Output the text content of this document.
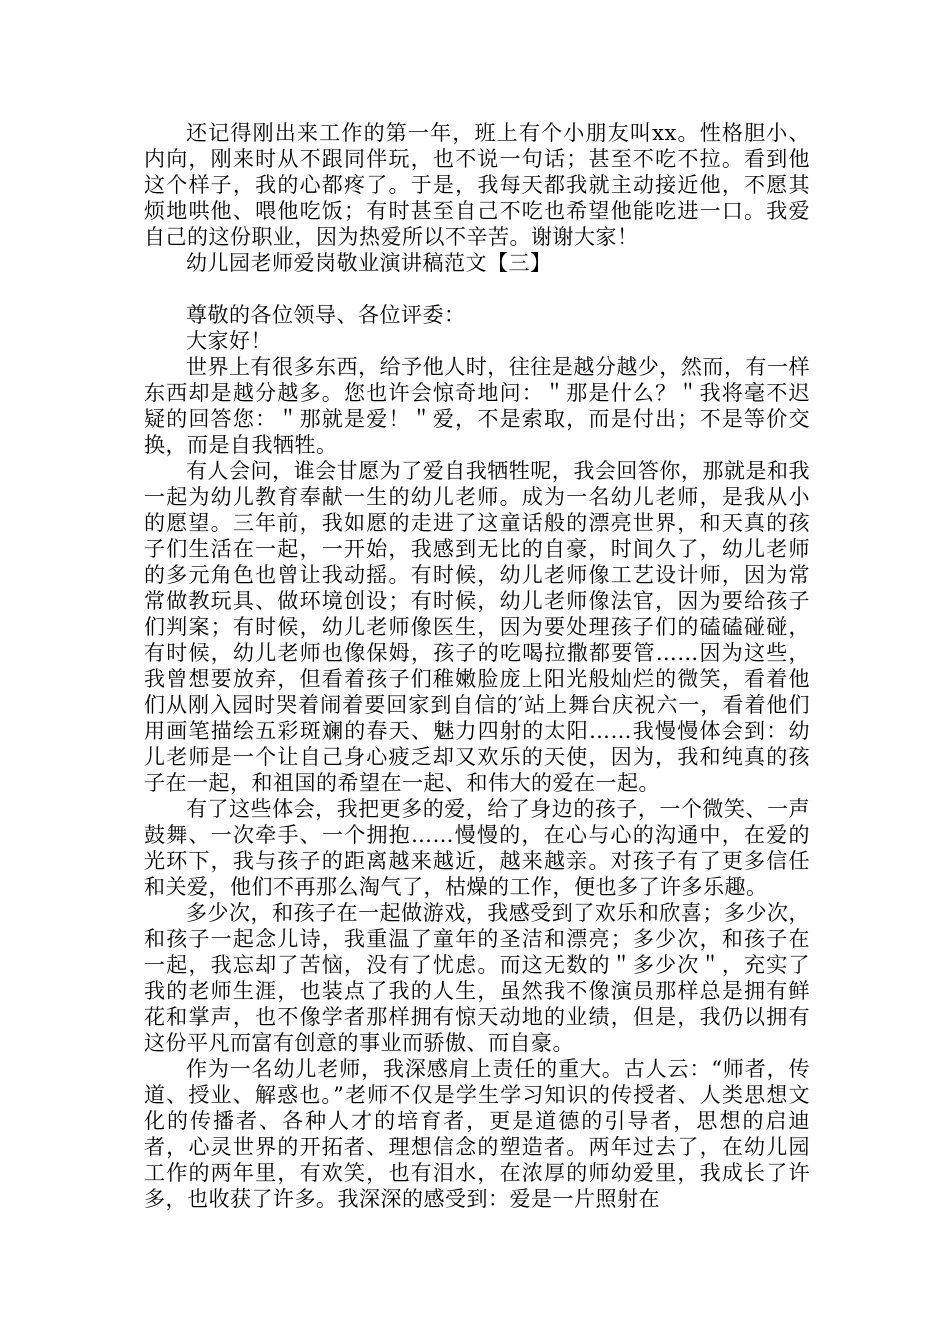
还记得刚出来工作的第一年，班上有个小朋友叫xx。性格胆小、内向，刚来时从不跟同伴玩，也不说一句话；甚至不吃不拉。看到他这个样子，我的心都疼了。于是，我每天都我就主动接近他，不愿其烦地哄他、喂他吃饭；有时甚至自己不吃也希望他能吃进一口。我爱自己的这份职业，因为热爱所以不辛苦。谢谢大家！

幼儿园老师爱岗敬业演讲稿范文【三】

尊敬的各位领导、各位评委：

大家好！

世界上有很多东西，给予他人时，往往是越分越少，然而，有一样东西却是越分越多。您也许会惊奇地问：＂那是什么？＂我将毫不迟疑的回答您：＂那就是爱！＂爱，不是索取，而是付出；不是等价交换，而是自我牺牲。

有人会问，谁会甘愿为了爱自我牺牲呢，我会回答你，那就是和我一起为幼儿教育奉献一生的幼儿老师。成为一名幼儿老师，是我从小的愿望。三年前，我如愿的走进了这童话般的漂亮世界，和天真的孩子们生活在一起，一开始，我感到无比的自豪，时间久了，幼儿老师的多元角色也曾让我动摇。有时候，幼儿老师像工艺设计师，因为常常做教玩具、做环境创设；有时候，幼儿老师像法官，因为要给孩子们判案；有时候，幼儿老师像医生，因为要处理孩子们的磕磕碰碰，有时候，幼儿老师也像保姆，孩子的吃喝拉撒都要管……因为这些，我曾想要放弃，但看着孩子们稚嫩脸庞上阳光般灿烂的微笑，看着他们从刚入园时哭着闹着要回家到自信的′站上舞台庆祝六一，看着他们用画笔描绘五彩斑斓的春天、魅力四射的太阳……我慢慢体会到：幼儿老师是一个让自己身心疲乏却又欢乐的天使，因为，我和纯真的孩子在一起，和祖国的希望在一起、和伟大的爱在一起。

有了这些体会，我把更多的爱，给了身边的孩子，一个微笑、一声鼓舞、一次牵手、一个拥抱……慢慢的，在心与心的沟通中，在爱的光环下，我与孩子的距离越来越近，越来越亲。对孩子有了更多信任和关爱，他们不再那么淘气了，枯燥的工作，便也多了许多乐趣。

多少次，和孩子在一起做游戏，我感受到了欢乐和欣喜；多少次，和孩子一起念儿诗，我重温了童年的圣洁和漂亮；多少次，和孩子在一起，我忘却了苦恼，没有了忧虑。而这无数的＂多少次＂，充实了我的老师生涯，也装点了我的人生，虽然我不像演员那样总是拥有鲜花和掌声，也不像学者那样拥有惊天动地的业绩，但是，我仍以拥有这份平凡而富有创意的事业而骄傲、而自豪。

作为一名幼儿老师，我深感肩上责任的重大。古人云：“师者，传道、授业、解惑也。”老师不仅是学生学习知识的传授者、人类思想文化的传播者、各种人才的培育者，更是道德的引导者，思想的启迪者，心灵世界的开拓者、理想信念的塑造者。两年过去了，在幼儿园工作的两年里，有欢笑，也有泪水，在浓厚的师幼爱里，我成长了许多，也收获了许多。我深深的感受到：爱是一片照射在
